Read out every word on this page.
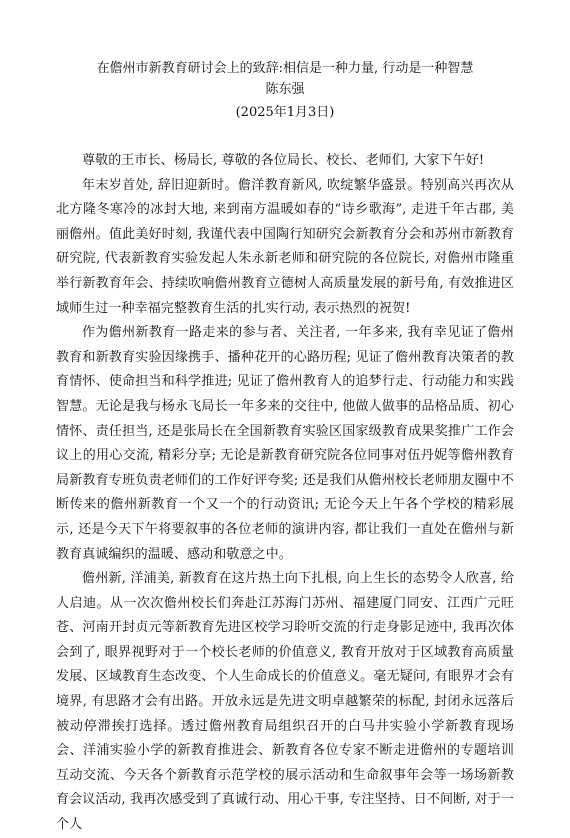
在儋州市新教育研讨会上的致辞:相信是一种力量, 行动是一种智慧
陈东强
(2025年1月3日)

尊敬的王市长、杨局长, 尊敬的各位局长、校长、老师们, 大家下午好!

年末岁首处, 辞旧迎新时。儋洋教育新风, 吹绽繁华盛景。特别高兴再次从北方隆冬寒冷的冰封大地, 来到南方温暖如春的“诗乡歌海”, 走进千年古郡, 美丽儋州。值此美好时刻, 我谨代表中国陶行知研究会新教育分会和苏州市新教育研究院, 代表新教育实验发起人朱永新老师和研究院的各位院长, 对儋州市隆重举行新教育年会、持续吹响儋州教育立德树人高质量发展的新号角, 有效推进区域师生过一种幸福完整教育生活的扎实行动, 表示热烈的祝贺!

作为儋州新教育一路走来的参与者、关注者, 一年多来, 我有幸见证了儋州教育和新教育实验因缘携手、播种花开的心路历程; 见证了儋州教育决策者的教育情怀、使命担当和科学推进; 见证了儋州教育人的追梦行走、行动能力和实践智慧。无论是我与杨永飞局长一年多来的交往中, 他做人做事的品格品质、初心情怀、责任担当, 还是张局长在全国新教育实验区国家级教育成果奖推广工作会议上的用心交流, 精彩分享; 无论是新教育研究院各位同事对伍丹妮等儋州教育局新教育专班负责老师们的工作好评夸奖; 还是我们从儋州校长老师朋友圈中不断传来的儋州新教育一个又一个的行动资讯; 无论今天上午各个学校的精彩展示, 还是今天下午将要叙事的各位老师的演讲内容, 都让我们一直处在儋州与新教育真诚编织的温暖、感动和敬意之中。

儋州新, 洋浦美, 新教育在这片热土向下扎根, 向上生长的态势令人欣喜, 给人启迪。从一次次儋州校长们奔赴江苏海门苏州、福建厦门同安、江西广元旺苍、河南开封贞元等新教育先进区校学习聆听交流的行走身影足迹中, 我再次体会到了, 眼界视野对于一个校长老师的价值意义, 教育开放对于区域教育高质量发展、区域教育生态改变、个人生命成长的价值意义。毫无疑问, 有眼界才会有境界, 有思路才会有出路。开放永远是先进文明卓越繁荣的标配, 封闭永远落后被动停滞挨打选择。透过儋州教育局组织召开的白马井实验小学新教育现场会、洋浦实验小学的新教育推进会、新教育各位专家不断走进儋州的专题培训互动交流、今天各个新教育示范学校的展示活动和生命叙事年会等一场场新教育会议活动, 我再次感受到了真诚行动、用心干事, 专注坚持、日不间断, 对于一个人
